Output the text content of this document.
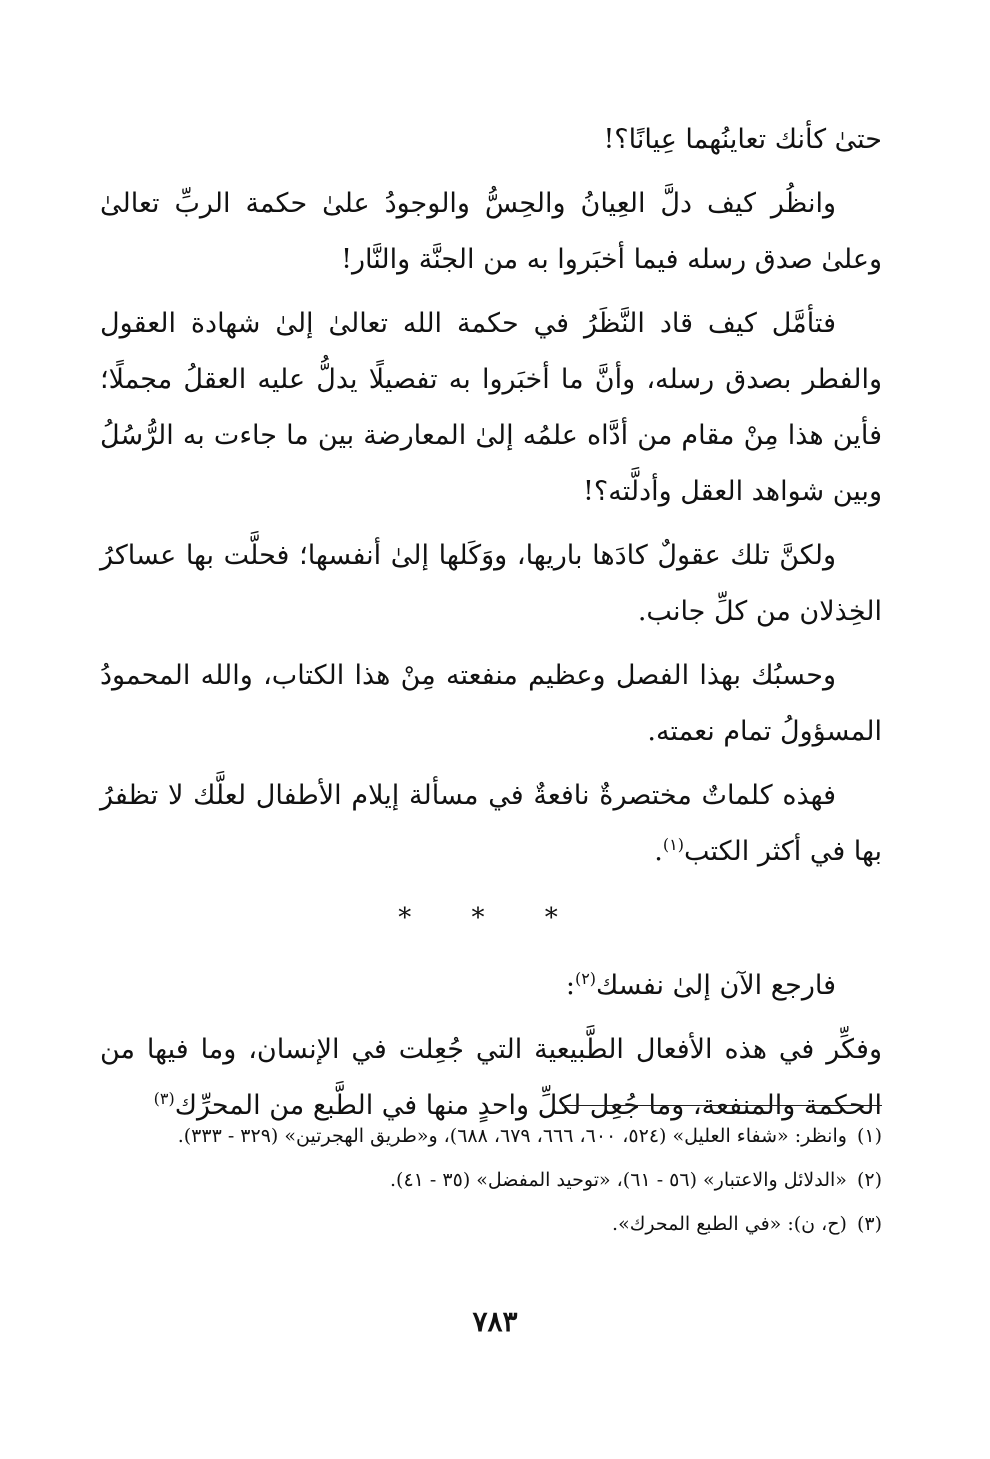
حتىٰ كأنك تعاينُهما عِيانًا؟!

وانظُر كيف دلَّ العِيانُ والحِسُّ والوجودُ علىٰ حكمة الربِّ تعالىٰ وعلىٰ صدق رسله فيما أخبَروا به من الجنَّة والنَّار!

فتأمَّل كيف قاد النَّظَرُ في حكمة الله تعالىٰ إلىٰ شهادة العقول والفطر بصدق رسله، وأنَّ ما أخبَروا به تفصيلًا يدلُّ عليه العقلُ مجملًا؛ فأين هذا مِنْ مقام من أدَّاه علمُه إلىٰ المعارضة بين ما جاءت به الرُّسُلُ وبين شواهد العقل وأدلَّته؟!

ولكنَّ تلك عقولٌ كادَها باريها، ووَكَلها إلىٰ أنفسها؛ فحلَّت بها عساكرُ الخِذلان من كلِّ جانب.

وحسبُك بهذا الفصل وعظيم منفعته مِنْ هذا الكتاب، والله المحمودُ المسؤولُ تمام نعمته.

فهذه كلماتٌ مختصرةٌ نافعةٌ في مسألة إيلام الأطفال لعلَّك لا تظفرُ بها في أكثر الكتب$^{(١)}$.

* * *

فارجع الآن إلىٰ نفسك$^{(٢)}$:

وفكِّر في هذه الأفعال الطَّبيعية التي جُعِلت في الإنسان، وما فيها من الحكمة والمنفعة، وما جُعِل لكلِّ واحدٍ منها في الطَّبع من المحرِّك$^{(٣)}$

(١)
وانظر: «شفاء العليل» (٥٢٤، ٦٠٠، ٦٦٦، ٦٧٩، ٦٨٨)، و«طريق الهجرتين» (٣٢٩ - ٣٣٣).
(٢)
«الدلائل والاعتبار» (٥٦ - ٦١)، «توحيد المفضل» (٣٥ - ٤١).
(٣)
(ح، ن): «في الطبع المحرك».
٧٨٣
